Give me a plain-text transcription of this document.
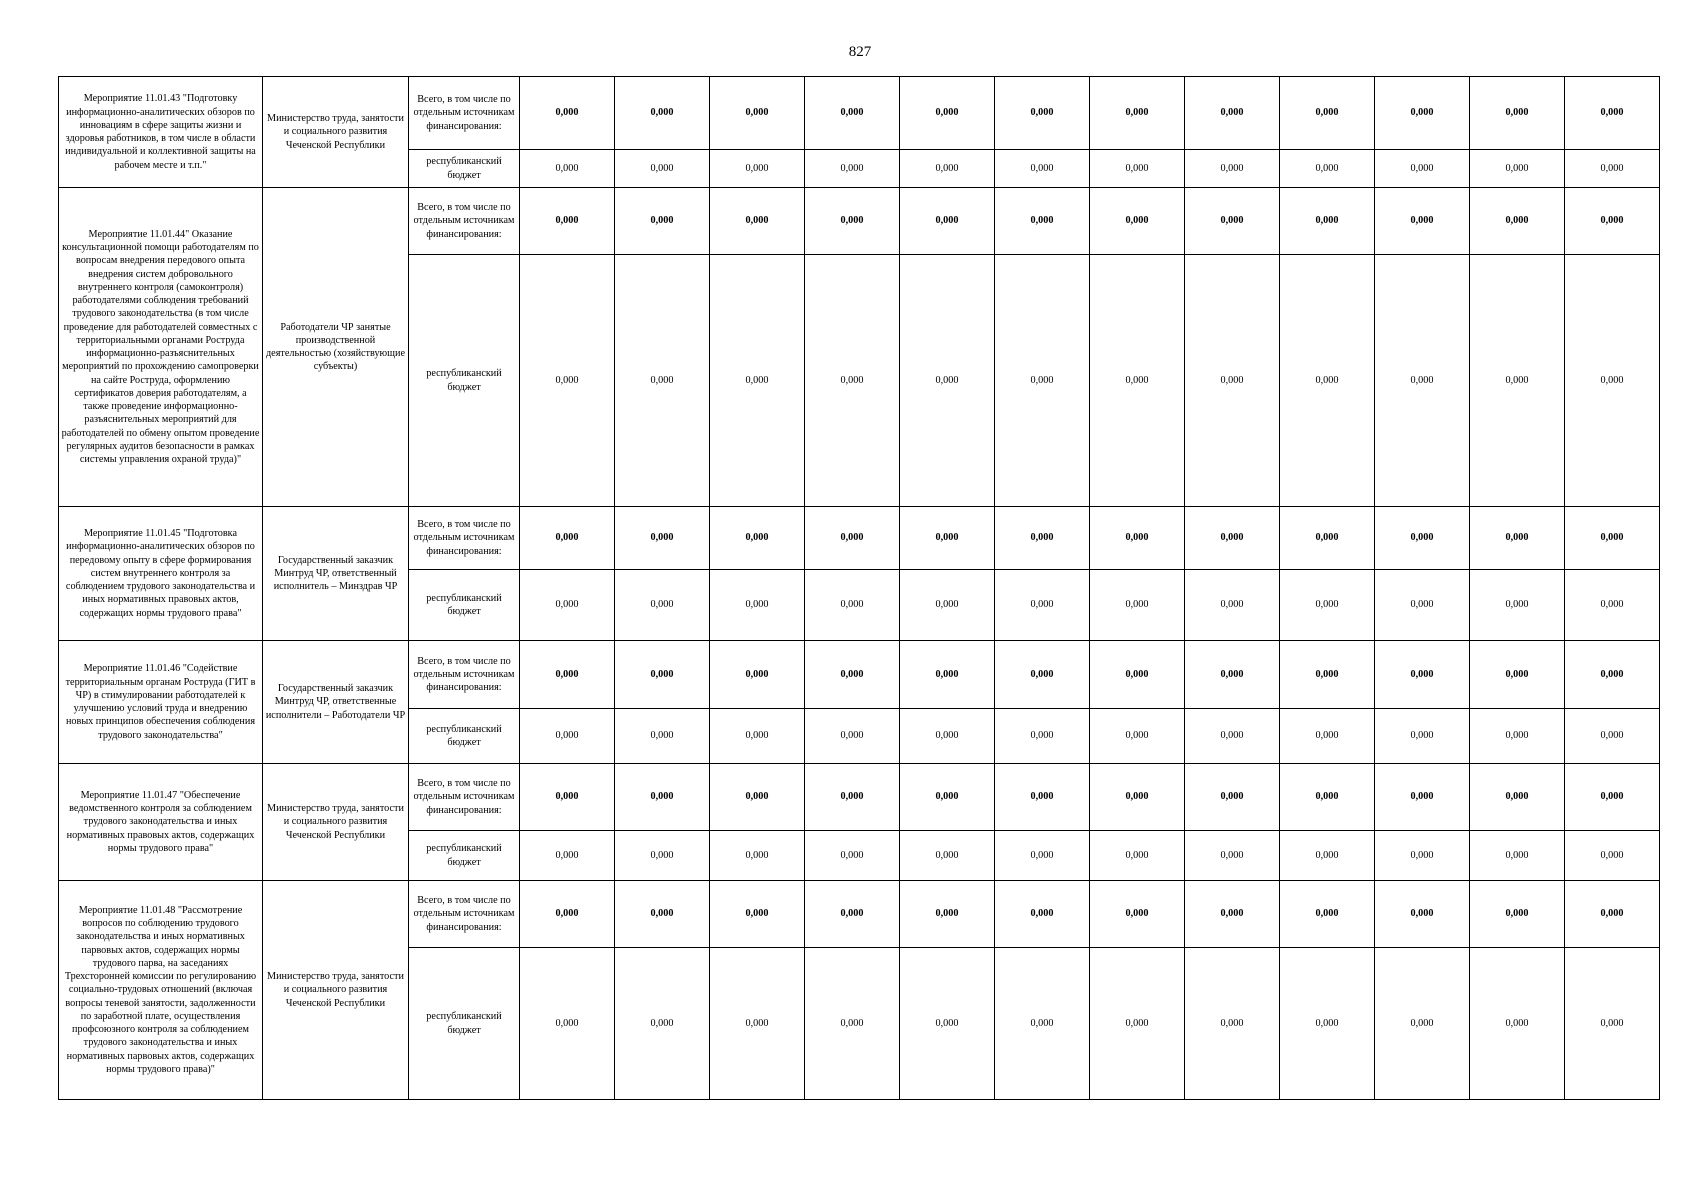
827
Мероприятие 11.01.43 "Подготовку информационно-аналитических обзоров по инновациям в сфере защиты жизни и здоровья работников, в том числе в области индивидуальной и коллективной защиты на рабочем месте и т.п."	Министерство труда, занятости и социального развития Чеченской Республики	Всего, в том числе по отдельным источникам финансирования:	0,000	0,000	0,000	0,000	0,000	0,000	0,000	0,000	0,000	0,000	0,000	0,000
		республиканский бюджет	0,000	0,000	0,000	0,000	0,000	0,000	0,000	0,000	0,000	0,000	0,000	0,000
Мероприятие 11.01.44" Оказание консультационной помощи работодателям по вопросам внедрения передового опыта внедрения систем добровольного внутреннего контроля (самоконтроля) работодателями соблюдения требований трудового законодательства (в том числе проведение для работодателей совместных с территориальными органами Роструда информационно-разъяснительных мероприятий по прохождению самопроверки на сайте Роструда, оформлению сертификатов доверия работодателям, а также проведение информационно-разъяснительных мероприятий для работодателей по обмену опытом проведение регулярных аудитов безопасности в рамках системы управления охраной труда)"	Работодатели ЧР занятые производственной деятельностью (хозяйствующие субъекты)	Всего, в том числе по отдельным источникам финансирования:	0,000	0,000	0,000	0,000	0,000	0,000	0,000	0,000	0,000	0,000	0,000	0,000
		республиканский бюджет	0,000	0,000	0,000	0,000	0,000	0,000	0,000	0,000	0,000	0,000	0,000	0,000
Мероприятие 11.01.45 "Подготовка информационно-аналитических обзоров по передовому опыту в сфере формирования систем внутреннего контроля за соблюдением трудового законодательства и иных нормативных правовых актов, содержащих нормы трудового права"	Государственный заказчик Минтруд ЧР, ответственный исполнитель – Минздрав ЧР	Всего, в том числе по отдельным источникам финансирования:	0,000	0,000	0,000	0,000	0,000	0,000	0,000	0,000	0,000	0,000	0,000	0,000
		республиканский бюджет	0,000	0,000	0,000	0,000	0,000	0,000	0,000	0,000	0,000	0,000	0,000	0,000
Мероприятие 11.01.46 "Содействие территориальным органам Роструда (ГИТ в ЧР) в стимулировании работодателей к улучшению условий труда и внедрению новых принципов обеспечения соблюдения трудового законодательства"	Государственный заказчик Минтруд ЧР, ответственные исполнители – Работодатели ЧР	Всего, в том числе по отдельным источникам финансирования:	0,000	0,000	0,000	0,000	0,000	0,000	0,000	0,000	0,000	0,000	0,000	0,000
		республиканский бюджет	0,000	0,000	0,000	0,000	0,000	0,000	0,000	0,000	0,000	0,000	0,000	0,000
Мероприятие 11.01.47 "Обеспечение ведомственного контроля за соблюдением трудового законодательства и иных нормативных правовых актов, содержащих нормы трудового права"	Министерство труда, занятости и социального развития Чеченской Республики	Всего, в том числе по отдельным источникам финансирования:	0,000	0,000	0,000	0,000	0,000	0,000	0,000	0,000	0,000	0,000	0,000	0,000
		республиканский бюджет	0,000	0,000	0,000	0,000	0,000	0,000	0,000	0,000	0,000	0,000	0,000	0,000
Мероприятие 11.01.48 "Рассмотрение вопросов по соблюдению трудового законодательства и иных нормативных парвовых актов, содержащих нормы трудового парва, на заседаниях Трехсторонней комиссии по регулированию социально-трудовых отношений (включая вопросы теневой занятости, задолженности по заработной плате, осуществления профсоюзного контроля за соблюдением трудового законодательства и иных нормативных парвовых актов, содержащих нормы трудового права)"	Министерство труда, занятости и социального развития Чеченской Республики	Всего, в том числе по отдельным источникам финансирования:	0,000	0,000	0,000	0,000	0,000	0,000	0,000	0,000	0,000	0,000	0,000	0,000
		республиканский бюджет	0,000	0,000	0,000	0,000	0,000	0,000	0,000	0,000	0,000	0,000	0,000	0,000
